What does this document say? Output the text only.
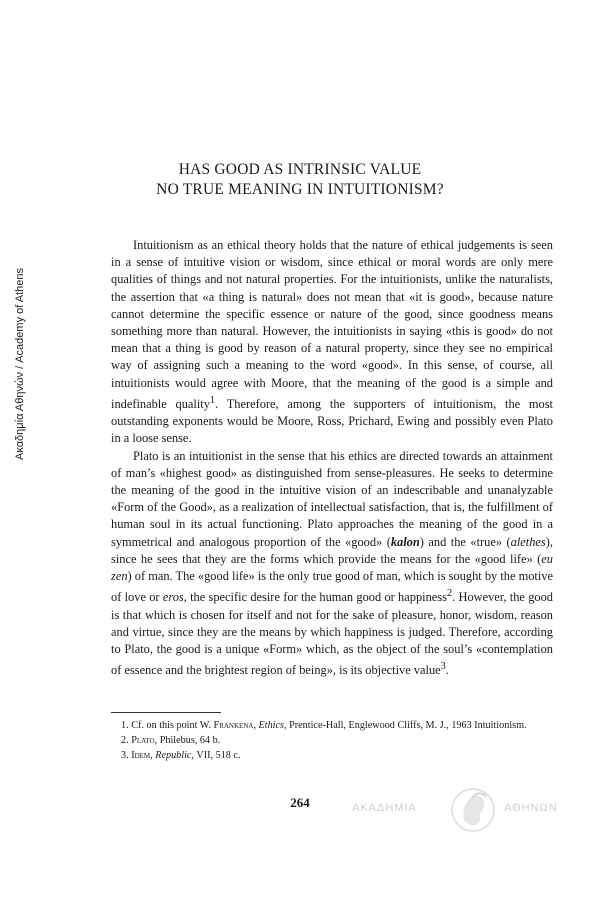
Ακαδημία Αθηνών / Academy of Athens
HAS GOOD AS INTRINSIC VALUE
NO TRUE MEANING IN INTUITIONISM?

Intuitionism as an ethical theory holds that the nature of ethical judgements is seen in a sense of intuitive vision or wisdom, since ethical or moral words are only mere qualities of things and not natural properties. For the intuitionists, unlike the naturalists, the assertion that «a thing is natural» does not mean that «it is good», because nature cannot determine the specific essence or nature of the good, since goodness means something more than natural. However, the intuitionists in saying «this is good» do not mean that a thing is good by reason of a natural property, since they see no empirical way of assigning such a meaning to the word «good». In this sense, of course, all intuitionists would agree with Moore, that the meaning of the good is a simple and indefinable quality$^1$. Therefore, among the supporters of intuitionism, the most outstanding exponents would be Moore, Ross, Prichard, Ewing and possibly even Plato in a loose sense.

Plato is an intuitionist in the sense that his ethics are directed towards an attainment of man’s «highest good» as distinguished from sense-pleasures. He seeks to determine the meaning of the good in the intuitive vision of an indescribable and unanalyzable «Form of the Good», as a realization of intellectual satisfaction, that is, the fulfillment of human soul in its actual functioning. Plato approaches the meaning of the good in a symmetrical and analogous proportion of the «good» (kalon) and the «true» (alethes), since he sees that they are the forms which provide the means for the «good life» (eu zen) of man. The «good life» is the only true good of man, which is sought by the motive of love or eros, the specific desire for the human good or happiness$^2$. However, the good is that which is chosen for itself and not for the sake of pleasure, honor, wisdom, reason and virtue, since they are the means by which happiness is judged. Therefore, according to Plato, the good is a unique «Form» which, as the object of the soul’s «contemplation of essence and the brightest region of being», is its objective value$^3$.

1. Cf. on this point W. Frankena, Ethics, Prentice-Hall, Englewood Cliffs, M. J., 1963 Intuitionism.

2. Plato, Philebus, 64 b.

3. Idem, Republic, VII, 518 c.

264	ΑΚΑΔΗΜΙΑ	ΑΘΗΝΩΝ
